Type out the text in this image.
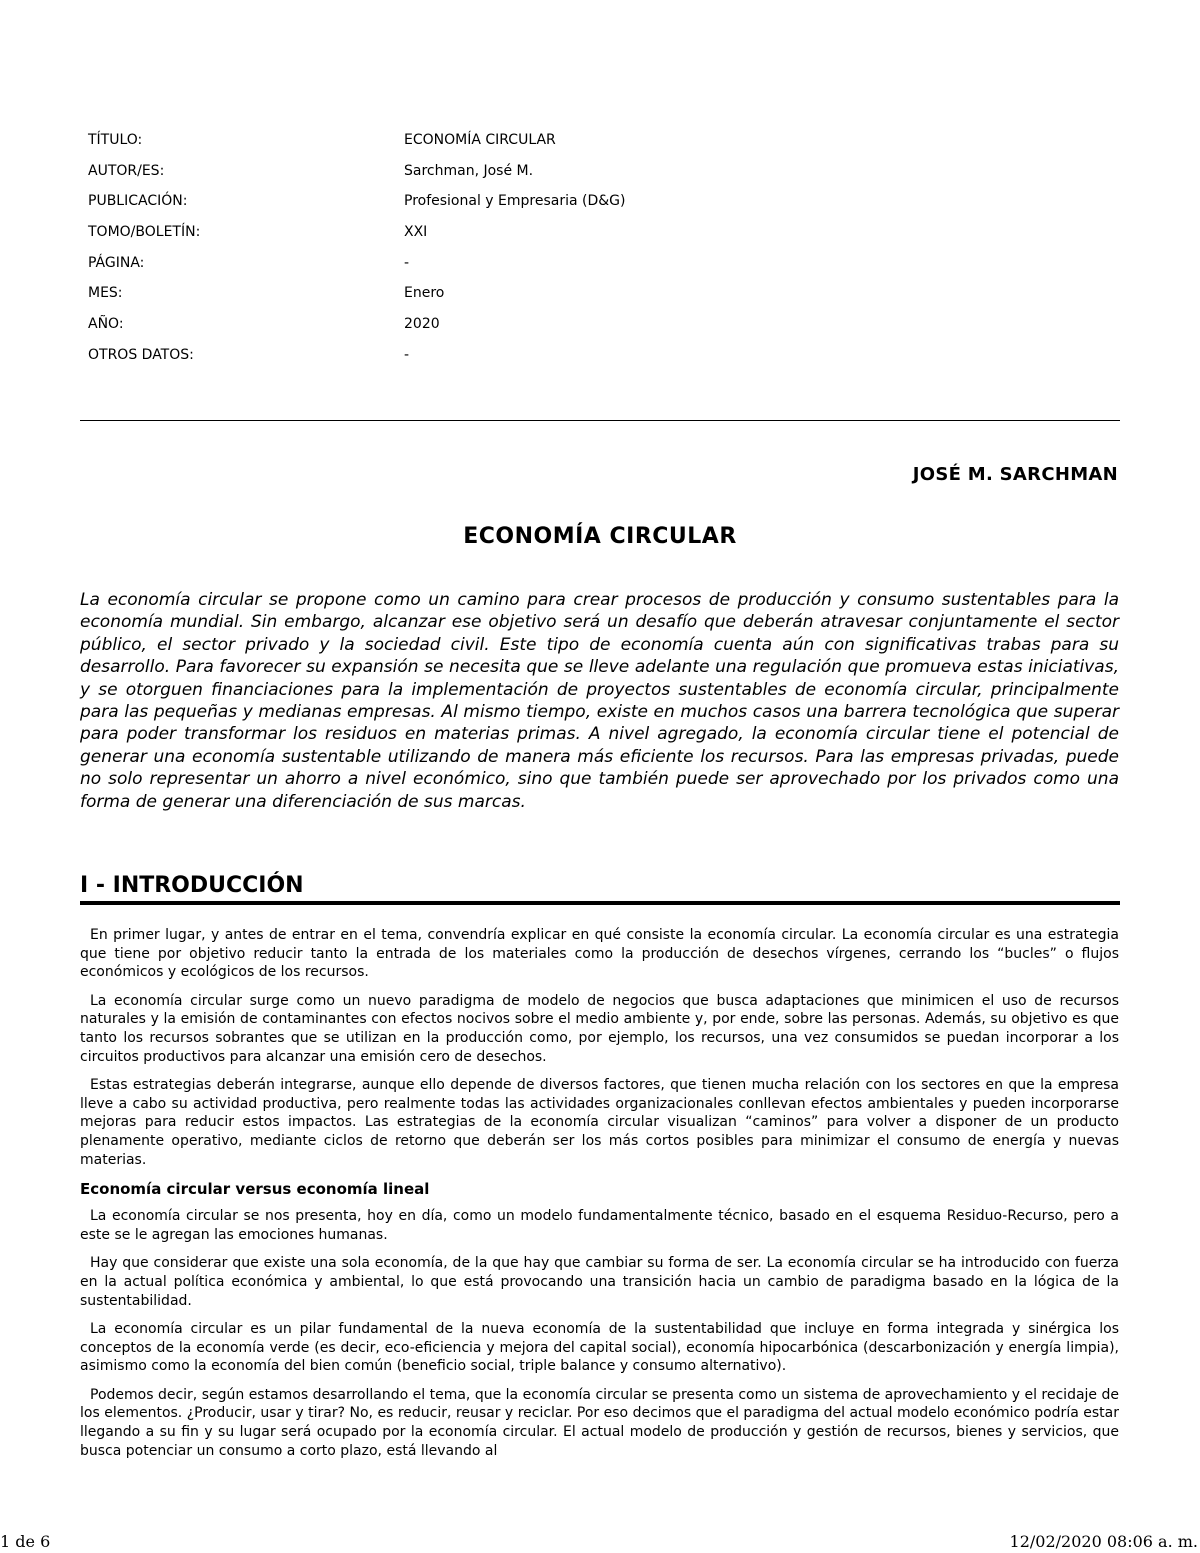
TÍTULO:	ECONOMÍA CIRCULAR
AUTOR/ES:	Sarchman, José M.
PUBLICACIÓN:	Profesional y Empresaria (D&G)
TOMO/BOLETÍN:	XXI
PÁGINA:	-
MES:	Enero
AÑO:	2020
OTROS DATOS:	-
JOSÉ M. SARCHMAN
ECONOMÍA CIRCULAR

La economía circular se propone como un camino para crear procesos de producción y consumo sustentables para la economía mundial. Sin embargo, alcanzar ese objetivo será un desafío que deberán atravesar conjuntamente el sector público, el sector privado y la sociedad civil. Este tipo de economía cuenta aún con significativas trabas para su desarrollo. Para favorecer su expansión se necesita que se lleve adelante una regulación que promueva estas iniciativas, y se otorguen financiaciones para la implementación de proyectos sustentables de economía circular, principalmente para las pequeñas y medianas empresas. Al mismo tiempo, existe en muchos casos una barrera tecnológica que superar para poder transformar los residuos en materias primas. A nivel agregado, la economía circular tiene el potencial de generar una economía sustentable utilizando de manera más eficiente los recursos. Para las empresas privadas, puede no solo representar un ahorro a nivel económico, sino que también puede ser aprovechado por los privados como una forma de generar una diferenciación de sus marcas.

I - INTRODUCCIÓN

En primer lugar, y antes de entrar en el tema, convendría explicar en qué consiste la economía circular. La economía circular es una estrategia que tiene por objetivo reducir tanto la entrada de los materiales como la producción de desechos vírgenes, cerrando los “bucles” o flujos económicos y ecológicos de los recursos.

La economía circular surge como un nuevo paradigma de modelo de negocios que busca adaptaciones que minimicen el uso de recursos naturales y la emisión de contaminantes con efectos nocivos sobre el medio ambiente y, por ende, sobre las personas. Además, su objetivo es que tanto los recursos sobrantes que se utilizan en la producción como, por ejemplo, los recursos, una vez consumidos se puedan incorporar a los circuitos productivos para alcanzar una emisión cero de desechos.

Estas estrategias deberán integrarse, aunque ello depende de diversos factores, que tienen mucha relación con los sectores en que la empresa lleve a cabo su actividad productiva, pero realmente todas las actividades organizacionales conllevan efectos ambientales y pueden incorporarse mejoras para reducir estos impactos. Las estrategias de la economía circular visualizan “caminos” para volver a disponer de un producto plenamente operativo, mediante ciclos de retorno que deberán ser los más cortos posibles para minimizar el consumo de energía y nuevas materias.

Economía circular versus economía lineal

La economía circular se nos presenta, hoy en día, como un modelo fundamentalmente técnico, basado en el esquema Residuo-Recurso, pero a este se le agregan las emociones humanas.

Hay que considerar que existe una sola economía, de la que hay que cambiar su forma de ser. La economía circular se ha introducido con fuerza en la actual política económica y ambiental, lo que está provocando una transición hacia un cambio de paradigma basado en la lógica de la sustentabilidad.

La economía circular es un pilar fundamental de la nueva economía de la sustentabilidad que incluye en forma integrada y sinérgica los conceptos de la economía verde (es decir, eco-eficiencia y mejora del capital social), economía hipocarbónica (descarbonización y energía limpia), asimismo como la economía del bien común (beneficio social, triple balance y consumo alternativo).

Podemos decir, según estamos desarrollando el tema, que la economía circular se presenta como un sistema de aprovechamiento y el recidaje de los elementos. ¿Producir, usar y tirar? No, es reducir, reusar y reciclar. Por eso decimos que el paradigma del actual modelo económico podría estar llegando a su fin y su lugar será ocupado por la economía circular. El actual modelo de producción y gestión de recursos, bienes y servicios, que busca potenciar un consumo a corto plazo, está llevando al

1 de 6	12/02/2020 08:06 a. m.
